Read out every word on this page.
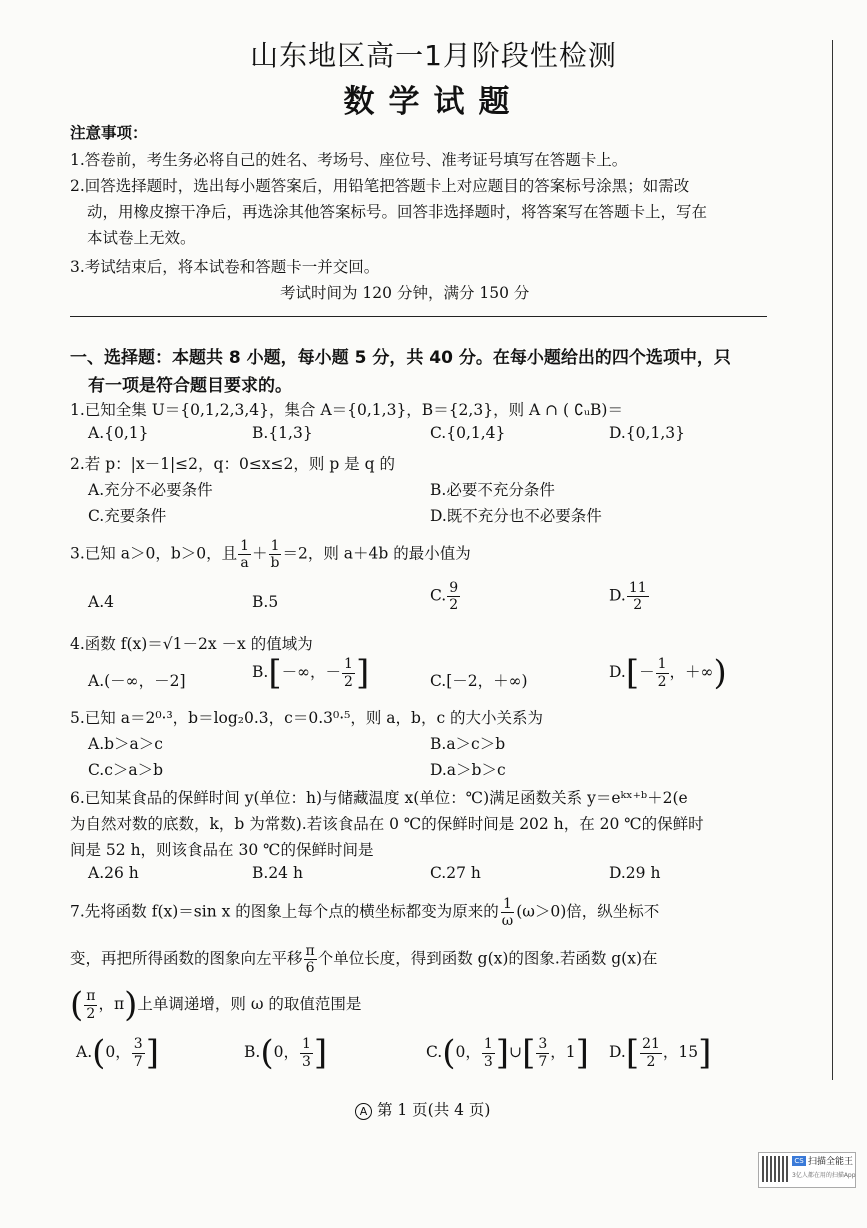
山东地区高一1月阶段性检测
数学试题
注意事项：
1.答卷前，考生务必将自己的姓名、考场号、座位号、准考证号填写在答题卡上。
2.回答选择题时，选出每小题答案后，用铅笔把答题卡上对应题目的答案标号涂黑；如需改
动，用橡皮擦干净后，再选涂其他答案标号。回答非选择题时，将答案写在答题卡上，写在
本试卷上无效。
3.考试结束后，将本试卷和答题卡一并交回。
考试时间为 120 分钟，满分 150 分
一、选择题：本题共 8 小题，每小题 5 分，共 40 分。在每小题给出的四个选项中，只
有一项是符合题目要求的。
1.已知全集 U＝{0,1,2,3,4}，集合 A＝{0,1,3}，B＝{2,3}，则 A ∩ ( ∁ᵤB)＝
A.{0,1}	B.{1,3}	C.{0,1,4}	D.{0,1,3}
2.若 p：|x－1|≤2，q：0≤x≤2，则 p 是 q 的
A.充分不必要条件	B.必要不充分条件
C.充要条件	D.既不充分也不必要条件
3.已知 a＞0，b＞0，且 $\frac{1}{a} + \frac{1}{b} =2$，则 a＋4b 的最小值为
A.4	B.5	C. $\frac{9}{2}$	D. $\frac{11}{2}$
4.函数 f(x)＝√1－2x －x 的值域为
A.(－∞，－2]	B.[－∞，－ $\frac{1}{2}$ ]	C.[－2，＋∞)	$D.[- \frac{1}{2}$ ，＋∞)
5.已知 a＝2⁰·³，b＝log₂0.3，c＝0.3⁰·⁵，则 a，b，c 的大小关系为
A.b＞a＞c	B.a＞c＞b
C.c＞a＞b	D.a＞b＞c
6.已知某食品的保鲜时间 y(单位：h)与储藏温度 x(单位：℃)满足函数关系 y＝eᵏˣ⁺ᵇ＋2(e
为自然对数的底数，k，b 为常数).若该食品在 0 ℃的保鲜时间是 202 h，在 20 ℃的保鲜时
间是 52 h，则该食品在 30 ℃的保鲜时间是
A.26 h	B.24 h	C.27 h	D.29 h
7.先将函数 f(x)＝sin x 的图象上每个点的横坐标都变为原来的 $\frac{1}{\omega} (\omega>0)$倍，纵坐标不
变，再把所得函数的图象向左平移 $\frac{\pi}{6}$ 个单位长度，得到函数 g(x)的图象.若函数 g(x)在
( $\frac{\pi}{2}$ ，π)上单调递增，则 ω 的取值范围是
A.(0， $\frac{3}{7}$ ]	B.(0， $\frac{1}{3}$ ]	C.(0， $\frac{1}{3}$ ]∪[ $\frac{3}{7}$ ，1] $D.[ \frac{21}{2}$ ，15]
A 第 1 页(共 4 页)
CS 扫描全能王
3亿人都在用的扫描App
